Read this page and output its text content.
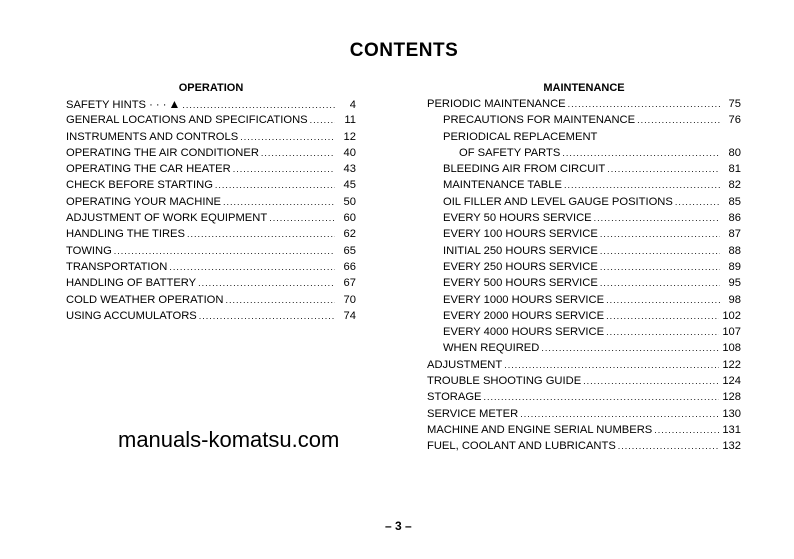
CONTENTS
OPERATION
SAFETY HINTS · · · ▲ .....	4
GENERAL LOCATIONS AND SPECIFICATIONS .....	11
INSTRUMENTS AND CONTROLS .....	12
OPERATING THE AIR CONDITIONER .....	40
OPERATING THE CAR HEATER .....	43
CHECK BEFORE STARTING .....	45
OPERATING YOUR MACHINE .....	50
ADJUSTMENT OF WORK EQUIPMENT .....	60
HANDLING THE TIRES .....	62
TOWING .....	65
TRANSPORTATION .....	66
HANDLING OF BATTERY .....	67
COLD WEATHER OPERATION .....	70
USING ACCUMULATORS .....	74
MAINTENANCE
PERIODIC MAINTENANCE .....	75
PRECAUTIONS FOR MAINTENANCE .....	76
PERIODICAL REPLACEMENT
OF SAFETY PARTS .....	80
BLEEDING AIR FROM CIRCUIT .....	81
MAINTENANCE TABLE .....	82
OIL FILLER AND LEVEL GAUGE POSITIONS .....	85
EVERY 50 HOURS SERVICE .....	86
EVERY 100 HOURS SERVICE .....	87
INITIAL 250 HOURS SERVICE .....	88
EVERY 250 HOURS SERVICE .....	89
EVERY 500 HOURS SERVICE .....	95
EVERY 1000 HOURS SERVICE .....	98
EVERY 2000 HOURS SERVICE .....	102
EVERY 4000 HOURS SERVICE .....	107
WHEN REQUIRED .....	108
ADJUSTMENT .....	122
TROUBLE SHOOTING GUIDE .....	124
STORAGE .....	128
SERVICE METER .....	130
MACHINE AND ENGINE SERIAL NUMBERS .....	131
FUEL, COOLANT AND LUBRICANTS .....	132
manuals-komatsu.com
– 3 –
